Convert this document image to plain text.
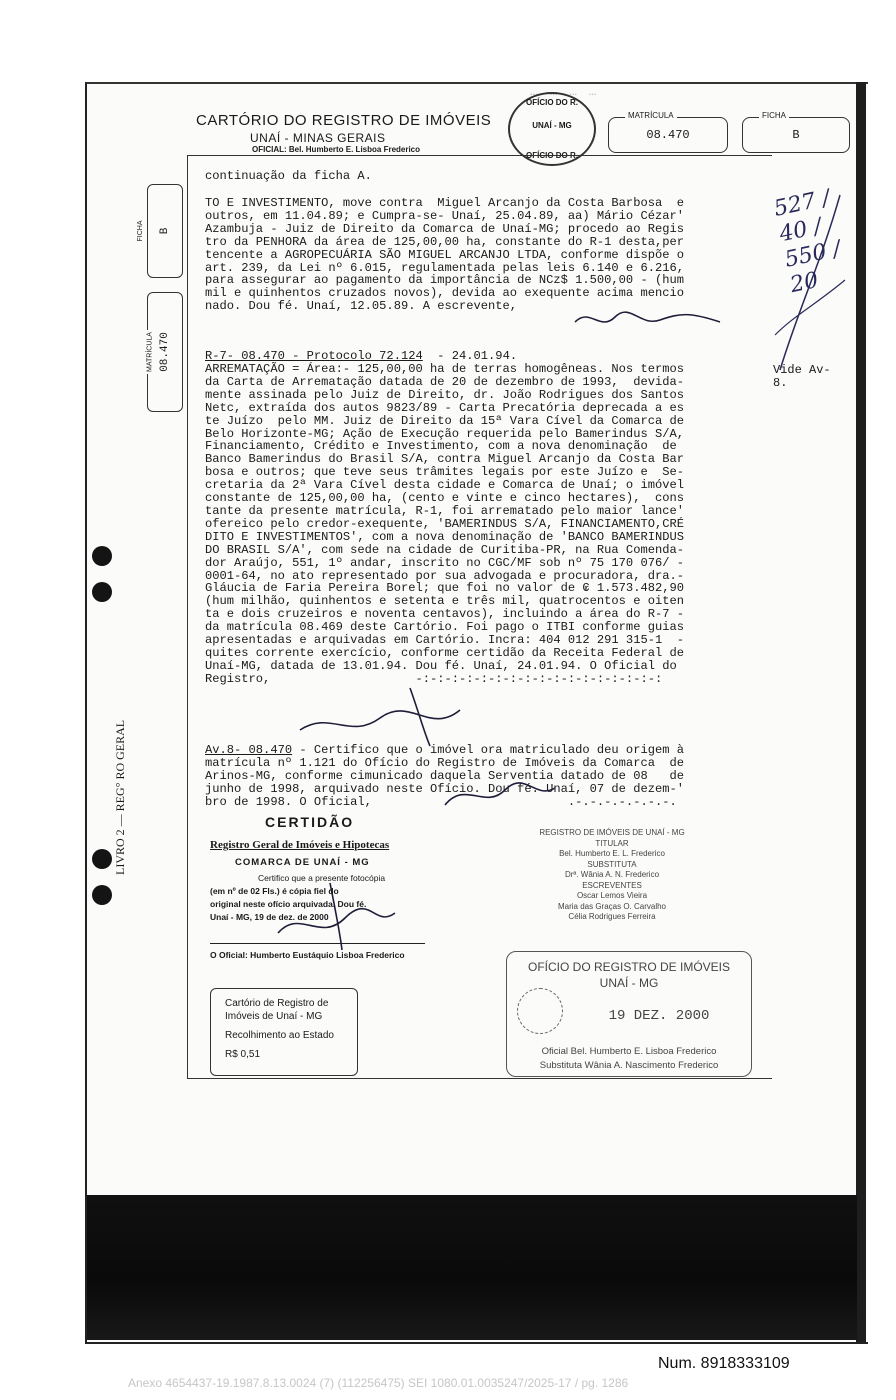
… … … …
CARTÓRIO DO REGISTRO DE IMÓVEIS
UNAÍ - MINAS GERAIS
OFICIAL: Bel. Humberto E. Lisboa Frederico
OFÍCIO DO R.
UNAÍ - MG
OFÍCIO DO R.
MATRÍCULA
08.470
FICHA
B
FICHA B
MATRÍCULA 08.470
continuação da ficha A.
TO E INVESTIMENTO, move contra  Miguel Arcanjo da Costa Barbosa  e
outros, em 11.04.89; e Cumpra-se- Unaí, 25.04.89, aa) Mário Cézar'
Azambuja - Juiz de Direito da Comarca de Unaí-MG; procedo ao Regis
tro da PENHORA da área de 125,00,00 ha, constante do R-1 desta,per
tencente a AGROPECUÁRIA SÃO MIGUEL ARCANJO LTDA, conforme dispõe o
art. 239, da Lei nº 6.015, regulamentada pelas leis 6.140 e 6.216,
para assegurar ao pagamento da importância de NCz$ 1.500,00 - (hum
mil e quinhentos cruzados novos), devida ao exequente acima mencio
nado. Dou fé. Unaí, 12.05.89. A escrevente,
R-7- 08.470 - Protocolo 72.124  - 24.01.94.
ARREMATAÇÃO = Área:- 125,00,00 ha de terras homogêneas. Nos termos
da Carta de Arrematação datada de 20 de dezembro de 1993,  devida-
mente assinada pelo Juiz de Direito, dr. João Rodrigues dos Santos
Netc, extraída dos autos 9823/89 - Carta Precatória deprecada a es
te Juízo  pelo MM. Juiz de Direito da 15ª Vara Cível da Comarca de
Belo Horizonte-MG; Ação de Execução requerida pelo Bamerindus S/A,
Financiamento, Crédito e Investimento, com a nova denominação  de
Banco Bamerindus do Brasil S/A, contra Miguel Arcanjo da Costa Bar
bosa e outros; que teve seus trâmites legais por este Juízo e  Se-
cretaria da 2ª Vara Cível desta cidade e Comarca de Unaí; o imóvel
constante de 125,00,00 ha, (cento e vinte e cinco hectares),  cons
tante da presente matrícula, R-1, foi arrematado pelo maior lance'
ofereico pelo credor-exequente, 'BAMERINDUS S/A, FINANCIAMENTO,CRÉ
DITO E INVESTIMENTOS', com a nova denominação de 'BANCO BAMERINDUS
DO BRASIL S/A', com sede na cidade de Curitiba-PR, na Rua Comenda-
dor Araújo, 551, 1º andar, inscrito no CGC/MF sob nº 75 170 076/ -
0001-64, no ato representado por sua advogada e procuradora, dra.-
Gláucia de Faria Pereira Borel; que foi no valor de ₢ 1.573.482,90
(hum milhão, quinhentos e setenta e três mil, quatrocentos e oiten
ta e dois cruzeiros e noventa centavos), incluindo a área do R-7 -
da matrícula 08.469 deste Cartório. Foi pago o ITBI conforme guias
apresentadas e arquivadas em Cartório. Incra: 404 012 291 315-1  -
quites corrente exercício, conforme certidão da Receita Federal de
Unaí-MG, datada de 13.01.94. Dou fé. Unaí, 24.01.94. O Oficial do
Registro,                    -:-:-:-:-:-:-:-:-:-:-:-:-:-:-:-:-:
Av.8- 08.470 - Certifico que o imóvel ora matriculado deu origem à
matrícula nº 1.121 do Ofício do Registro de Imóveis da Comarca  de
Arinos-MG, conforme cimunicado daquela Serventia datado de 08   de
junho de 1998, arquivado neste Ofício. Dou fé. Unaí, 07 de dezem-'
bro de 1998. O Oficial,                           .-.-.-.-.-.-.-.
Vide Av-
8.
527 / 40 / 550 / 20
LIVRO 2 — REG° RO GERAL	CERTIDÃO
Registro Geral de Imóveis e Hipotecas
COMARCA DE UNAÍ - MG
Certifico que a presente fotocópia
(em nº de 02 Fls.) é cópia fiel do
original neste ofício arquivada. Dou fé.
Unaí - MG, 19 de dez. de 2000
O Oficial: Humberto Eustáquio Lisboa Frederico
REGISTRO DE IMÓVEIS DE UNAÍ - MG
TITULAR
Bel. Humberto E. L. Frederico
SUBSTITUTA
Drª. Wânia A. N. Frederico
ESCREVENTES
Oscar Lemos Vieira
Maria das Graças O. Carvalho
Célia Rodrigues Ferreira
OFÍCIO DO REGISTRO DE IMÓVEIS
UNAÍ - MG
19 DEZ. 2000
Oficial Bel. Humberto E. Lisboa Frederico
Substituta Wânia A. Nascimento Frederico
Cartório de Registro de
Imóveis de Unaí - MG
Recolhimento ao Estado
R$ 0,51
Num. 8918333109
Anexo 4654437-19.1987.8.13.0024 (7) (112256475) SEI 1080.01.0035247/2025-17 / pg. 1286
